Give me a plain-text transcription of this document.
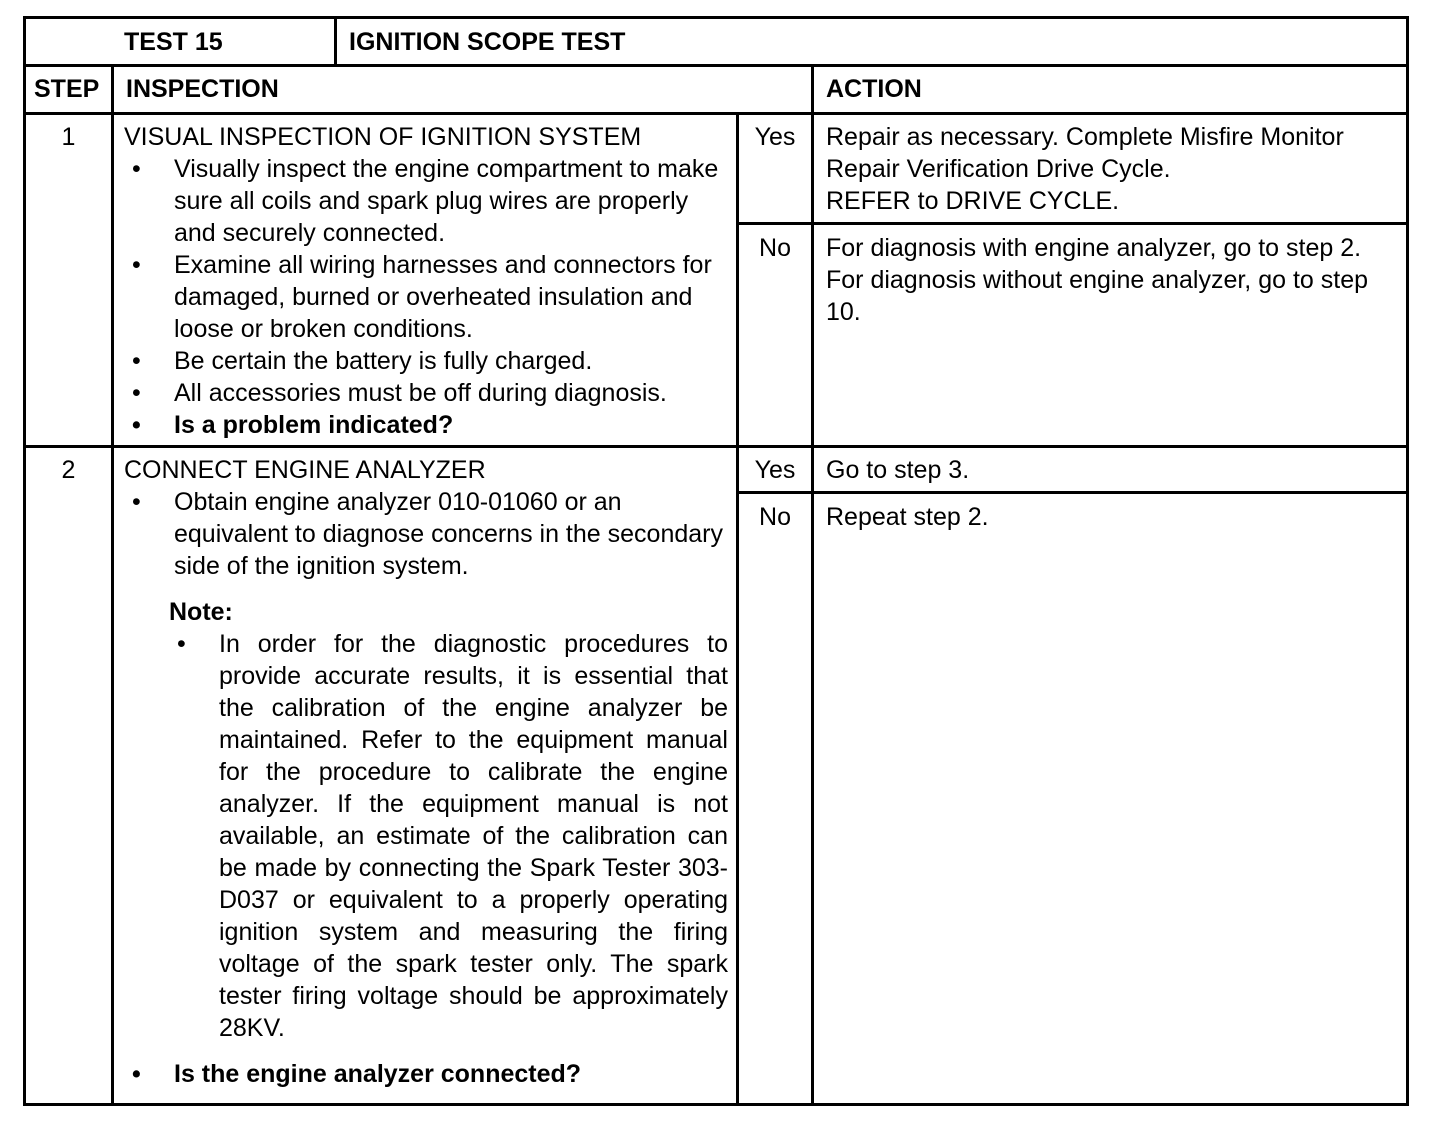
TEST 15	IGNITION SCOPE TEST
STEP INSPECTION	ACTION
1	VISUAL INSPECTION OF IGNITION SYSTEM
• Visually inspect the engine compartment to make sure all coils and spark plug wires are properly and securely connected.
• Examine all wiring harnesses and connectors for damaged, burned or overheated insulation and loose or broken conditions.
• Be certain the battery is fully charged.
• All accessories must be off during diagnosis.
• Is a problem indicated?
Yes	Repair as necessary. Complete Misfire Monitor
Repair Verification Drive Cycle.
REFER to DRIVE CYCLE.
No	For diagnosis with engine analyzer, go to step 2.
For diagnosis without engine analyzer, go to step 10.
2	CONNECT ENGINE ANALYZER
• Obtain engine analyzer 010-01060 or an equivalent to diagnose concerns in the secondary side of the ignition system.
Note:
• In order for the diagnostic procedures to provide accurate results, it is essential that the calibration of the engine analyzer be maintained. Refer to the equipment manual for the procedure to calibrate the engine analyzer. If the equipment manual is not available, an estimate of the calibration can be made by connecting the Spark Tester 303-D037 or equivalent to a properly operating ignition system and measuring the firing voltage of the spark tester only. The spark tester firing voltage should be approximately 28KV.
• Is the engine analyzer connected?
Yes	Go to step 3.
No	Repeat step 2.
